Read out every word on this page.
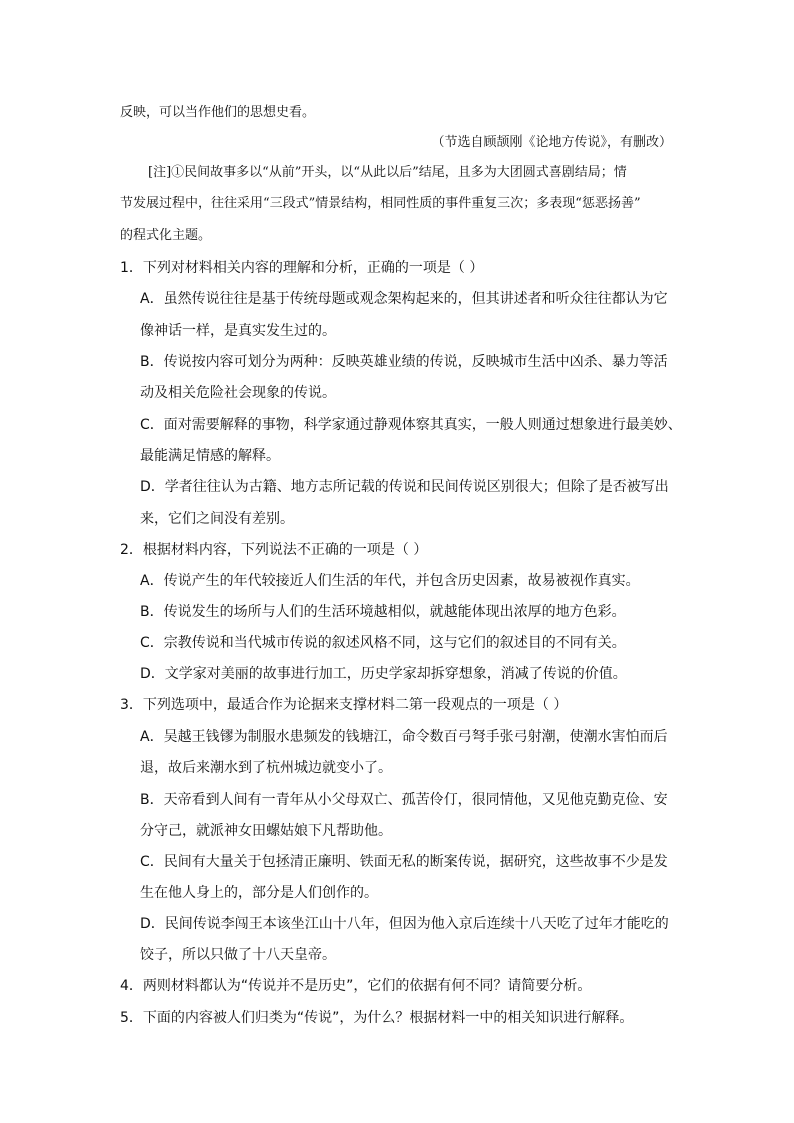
反映，可以当作他们的思想史看。
（节选自顾颉刚《论地方传说》，有删改）
[注]①民间故事多以“从前”开头，以“从此以后”结尾，且多为大团圆式喜剧结局；情
节发展过程中，往往采用“三段式”情景结构，相同性质的事件重复三次；多表现“惩恶扬善”
的程式化主题。
1．下列对材料相关内容的理解和分析，正确的一项是（ ）
A．虽然传说往往是基于传统母题或观念架构起来的，但其讲述者和听众往往都认为它
像神话一样，是真实发生过的。
B．传说按内容可划分为两种：反映英雄业绩的传说，反映城市生活中凶杀、暴力等活
动及相关危险社会现象的传说。
C．面对需要解释的事物，科学家通过静观体察其真实，一般人则通过想象进行最美妙、
最能满足情感的解释。
D．学者往往认为古籍、地方志所记载的传说和民间传说区别很大；但除了是否被写出
来，它们之间没有差别。
2．根据材料内容，下列说法不正确的一项是（ ）
A．传说产生的年代较接近人们生活的年代，并包含历史因素，故易被视作真实。
B．传说发生的场所与人们的生活环境越相似，就越能体现出浓厚的地方色彩。
C．宗教传说和当代城市传说的叙述风格不同，这与它们的叙述目的不同有关。
D．文学家对美丽的故事进行加工，历史学家却拆穿想象，消减了传说的价值。
3．下列选项中，最适合作为论据来支撑材料二第一段观点的一项是（ ）
A．吴越王钱镠为制服水患频发的钱塘江，命令数百弓弩手张弓射潮，使潮水害怕而后
退，故后来潮水到了杭州城边就变小了。
B．天帝看到人间有一青年从小父母双亡、孤苦伶仃，很同情他，又见他克勤克俭、安
分守己，就派神女田螺姑娘下凡帮助他。
C．民间有大量关于包拯清正廉明、铁面无私的断案传说，据研究，这些故事不少是发
生在他人身上的，部分是人们创作的。
D．民间传说李闯王本该坐江山十八年，但因为他入京后连续十八天吃了过年才能吃的
饺子，所以只做了十八天皇帝。
4．两则材料都认为“传说并不是历史”，它们的依据有何不同？请简要分析。
5．下面的内容被人们归类为“传说”，为什么？根据材料一中的相关知识进行解释。
